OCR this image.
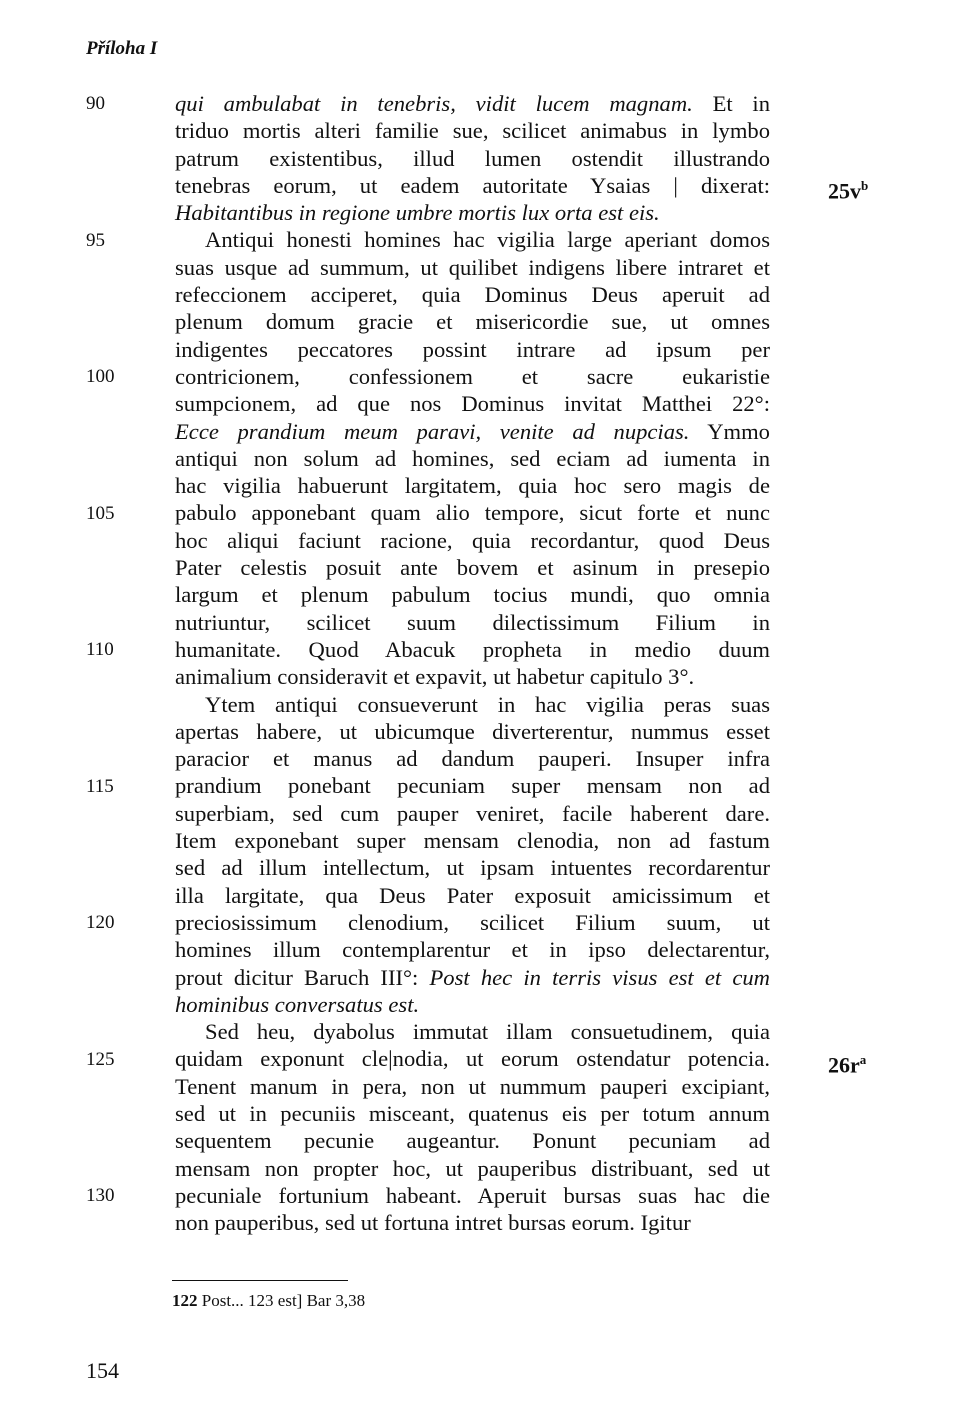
Příloha I
qui ambulabat in tenebris, vidit lucem magnam. Et in
triduo mortis alteri familie sue, scilicet animabus in lymbo
patrum existentibus, illud lumen ostendit illustrando
tenebras eorum, ut eadem autoritate Ysaias | dixerat:
Habitantibus in regione umbre mortis lux orta est eis.
Antiqui honesti homines hac vigilia large aperiant domos
suas usque ad summum, ut quilibet indigens libere intraret et
refeccionem acciperet, quia Dominus Deus aperuit ad
plenum domum gracie et misericordie sue, ut omnes
indigentes peccatores possint intrare ad ipsum per
contricionem, confessionem et sacre eukaristie
sumpcionem, ad que nos Dominus invitat Matthei 22°:
Ecce prandium meum paravi, venite ad nupcias. Ymmo
antiqui non solum ad homines, sed eciam ad iumenta in
hac vigilia habuerunt largitatem, quia hoc sero magis de
pabulo apponebant quam alio tempore, sicut forte et nunc
hoc aliqui faciunt racione, quia recordantur, quod Deus
Pater celestis posuit ante bovem et asinum in presepio
largum et plenum pabulum tocius mundi, quo omnia
nutriuntur, scilicet suum dilectissimum Filium in
humanitate. Quod Abacuk propheta in medio duum
animalium consideravit et expavit, ut habetur capitulo 3°.
Ytem antiqui consueverunt in hac vigilia peras suas
apertas habere, ut ubicumque diverterentur, nummus esset
paracior et manus ad dandum pauperi. Insuper infra
prandium ponebant pecuniam super mensam non ad
superbiam, sed cum pauper veniret, facile haberent dare.
Item exponebant super mensam clenodia, non ad fastum
sed ad illum intellectum, ut ipsam intuentes recordarentur
illa largitate, qua Deus Pater exposuit amicissimum et
preciosissimum clenodium, scilicet Filium suum, ut
homines illum contemplarentur et in ipso delectarentur,
prout dicitur Baruch III°: Post hec in terris visus est et cum
hominibus conversatus est.
Sed heu, dyabolus immutat illam consuetudinem, quia
quidam exponunt cle|nodia, ut eorum ostendatur potencia.
Tenent manum in pera, non ut nummum pauperi excipiant,
sed ut in pecuniis misceant, quatenus eis per totum annum
sequentem pecunie augeantur. Ponunt pecuniam ad
mensam non propter hoc, ut pauperibus distribuant, sed ut
pecuniale fortunium habeant. Aperuit bursas suas hac die
non pauperibus, sed ut fortuna intret bursas eorum. Igitur
90
95
100
105
110
115
120
125
130
$25v^b$
$26r^a$
122 Post... 123 est] Bar 3,38
154
